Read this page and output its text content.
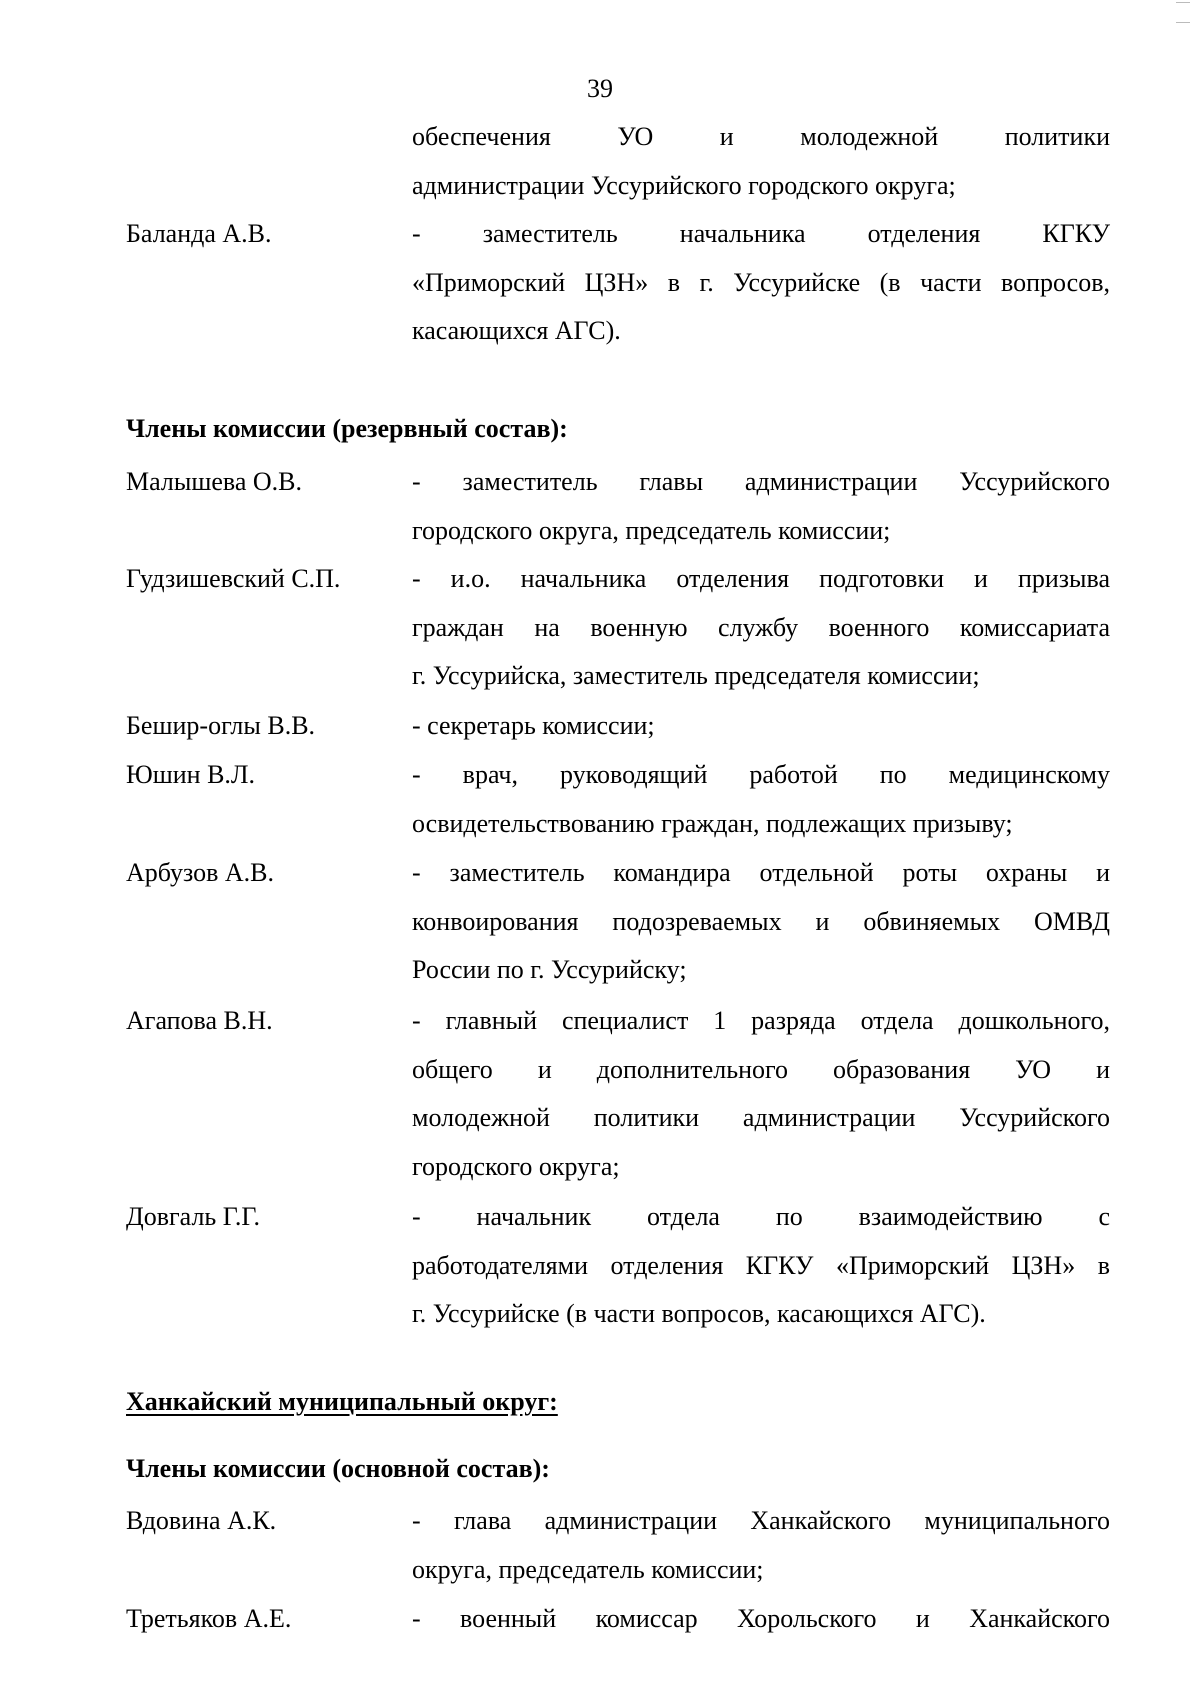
39
обеспечения УО и молодежной политики
администрации Уссурийского городского округа;
Баланда А.В.	- заместитель начальника отделения КГКУ
«Приморский ЦЗН» в г. Уссурийске (в части вопросов,
касающихся АГС).
Члены комиссии (резервный состав):
Малышева О.В.	- заместитель главы администрации Уссурийского
городского округа, председатель комиссии;
Гудзишевский С.П.	- и.о. начальника отделения подготовки и призыва
граждан на военную службу военного комиссариата
г. Уссурийска, заместитель председателя комиссии;
Бешир-оглы В.В.	- секретарь комиссии;
Юшин В.Л.	- врач, руководящий работой по медицинскому
освидетельствованию граждан, подлежащих призыву;
Арбузов А.В.	- заместитель командира отдельной роты охраны и
конвоирования подозреваемых и обвиняемых ОМВД
России по г. Уссурийску;
Агапова В.Н.	- главный специалист 1 разряда отдела дошкольного,
общего и дополнительного образования УО и
молодежной политики администрации Уссурийского
городского округа;
Довгаль Г.Г.	- начальник отдела по взаимодействию с
работодателями отделения КГКУ «Приморский ЦЗН» в
г. Уссурийске (в части вопросов, касающихся АГС).
Ханкайский муниципальный округ:
Члены комиссии (основной состав):
Вдовина А.К.	- глава администрации Ханкайского муниципального
округа, председатель комиссии;
Третьяков А.Е.	- военный комиссар Хорольского и Ханкайского
